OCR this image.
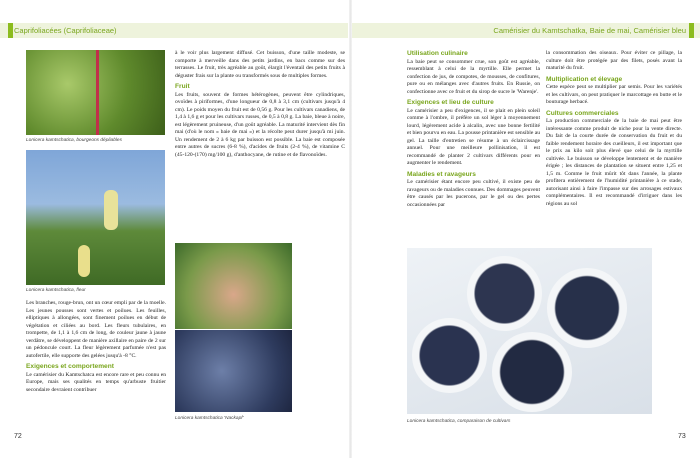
Caprifoliacées (Caprifoliaceae)	Camérisier du Kamtschatka, Baie de mai, Camérisier bleu
Lonicera kamtschatica, bourgeons dépliables
Lonicera kamtschatica, fleur

Les branches, rouge-brun, ont un cœur empli par de la moelle. Les jeunes pousses sont vertes et poilues. Les feuilles, elliptiques à allongées, sont finement poilues en début de végétation et ciliées au bord. Les fleurs tubulaires, en trompette, de 1,1 à 1,6 cm de long, de couleur jaune à jaune verdâtre, se développent de manière axillaire en paire de 2 sur un pédoncule court. La fleur légèrement parfumée n'est pas autofertile, elle supporte des gelées jusqu'à -8 °C.

Exigences et comportement

Le camérisier du Kamtschatca est encore rare et peu connu en Europe, mais ses qualités en temps qu'arbuste fruitier secondaire devraient contribuer

à le voir plus largement diffusé. Cet buisson, d'une taille modeste, se comporte à merveille dans des petits jardins, en bacs comme sur des terrasses. Le fruit, très agréable au goût, élargit l'éventail des petits fruits à déguster frais sur la plante ou transformés sous de multiples formes.

Fruit

Les fruits, souvent de formes hétérogènes, peuvent être cylindriques, ovoïdes à piriformes, d'une longueur de 0,8 à 3,1 cm (cultivars jusqu'à 4 cm). Le poids moyen du fruit est de 0,56 g. Pour les cultivars canadiens, de 1,4 à 1,6 g et pour les cultivars russes, de 0,5 à 0,8 g. La baie, bleue à noire, est légèrement pruineuse, d'un goût agréable. La maturité intervient dès fin mai (d'où le nom « baie de mai ») et la récolte peut durer jusqu'à mi juin. Un rendement de 2 à 6 kg par buisson est possible. La baie est composée entre autres de sucres (6-8 %), d'acides de fruits (2-4 %), de vitamine C (45-120-(170) mg/100 g), d'anthocyane, de rutine et de flavonoïdes.

Lonicera kamtschatica 'Nackapf'
Utilisation culinaire

La baie peut se consommer crue, son goût est agréable, ressemblant à celui de la myrtille. Elle permet la confection de jus, de compotes, de mousses, de confitures, pure ou en mélanges avec d'autres fruits. En Russie, on confectionne avec ce fruit et du sirop de sucre le 'Warenje'.

Exigences et lieu de culture

Le camérisier a peu d'exigences, il se plait en plein soleil comme à l'ombre, il préfère un sol léger à moyennement lourd, légèrement acide à alcalin, avec une bonne fertilité et bien pourvu en eau. La pousse printanière est sensible au gel. La taille d'entretien se résume à un éclaircissage annuel. Pour une meilleure pollinisation, il est recommandé de planter 2 cultivars différents pour en augmenter le rendement.

Maladies et ravageurs

Le camérisier étant encore peu cultivé, il existe peu de ravageurs ou de maladies connues. Des dommages peuvent être causés par les pucerons, par le gel ou des pertes occasionnées par

la consommation des oiseaux. Pour éviter ce pillage, la culture doit être protégée par des filets, posés avant la maturité du fruit.

Multiplication et élevage

Cette espèce peut se multiplier par semis. Pour les variétés et les cultivars, on peut pratiquer le marcottage en butte et le bouturage herbacé.

Cultures commerciales

La production commerciale de la baie de mai peut être intéressante comme produit de niche pour la vente directe. Du fait de la courte durée de conservation du fruit et du faible rendement horaire des cueilleurs, il est important que le prix au kilo soit plus élevé que celui de la myrtille cultivée. Le buisson se développe lentement et de manière érigée ; les distances de plantation se situent entre 1,25 et 1,5 m. Comme le fruit mûrit tôt dans l'année, la plante profitera entièrement de l'humidité printanière à ce stade, autorisant ainsi à faire l'impasse sur des arrosages estivaux complémentaires. Il est recommandé d'irriguer dans les régions au sol

Lonicera kamtschatica, comparaison de cultivars
72	73
